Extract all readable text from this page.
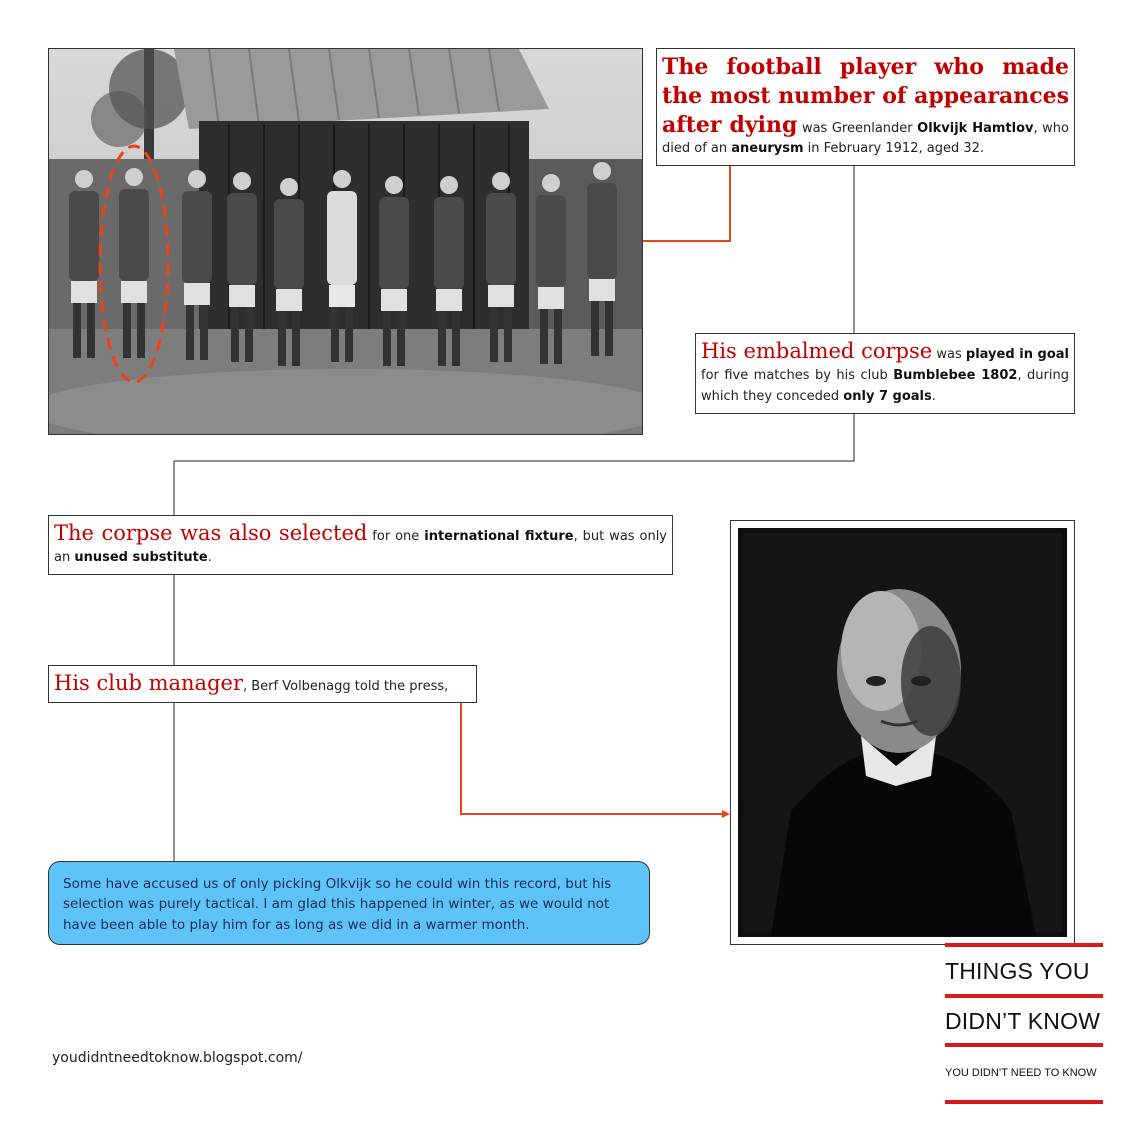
The football player who made the most number of appearances after dying was Greenlander Olkvijk Hamtlov, who died of an aneurysm in February 1912, aged 32.
His embalmed corpse was played in goal for five matches by his club Bumblebee 1802, during which they conceded only 7 goals.
The corpse was also selected for one international fixture, but was only an unused substitute.
His club manager, Berf Volbenagg told the press,
Some have accused us of only picking Olkvijk so he could win this record, but his selection was purely tactical. I am glad this happened in winter, as we would not have been able to play him for as long as we did in a warmer month.
youdidntneedtoknow.blogspot.com/
THINGS YOU
DIDN’T KNOW
YOU DIDN’T NEED TO KNOW
